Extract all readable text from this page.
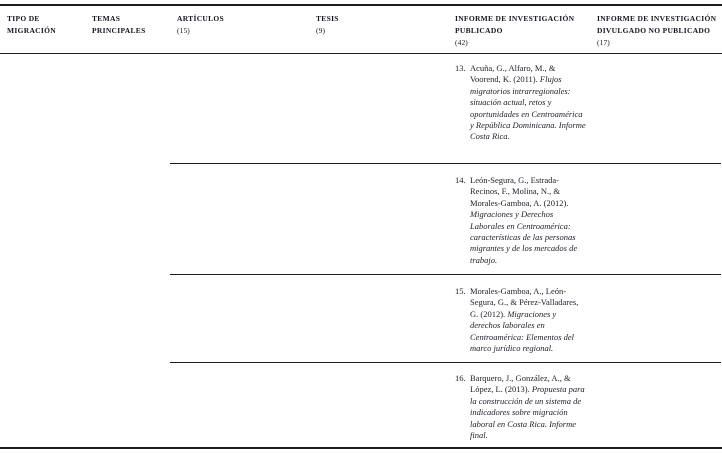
TIPO DE
MIGRACIÓN
TEMAS
PRINCIPALES
ARTÍCULOS
(15)
TESIS
(9)
INFORME DE INVESTIGACIÓN
PUBLICADO
(42)
INFORME DE INVESTIGACIÓN
DIVULGADO NO PUBLICADO
(17)
13. Acuña, G., Alfaro, M., & Voorend, K. (2011). Flujos migratorios intrarregionales: situación actual, retos y oportunidades en Centroamérica y República Dominicana. Informe Costa Rica.
14. León-Segura, G., Estrada-Recinos, F., Molina, N., & Morales-Gamboa, A. (2012). Migraciones y Derechos Laborales en Centroamérica: características de las personas migrantes y de los mercados de trabajo.
15. Morales-Gamboa, A., León-Segura, G., & Pérez-Valladares, G. (2012). Migraciones y derechos laborales en Centroamérica: Elementos del marco jurídico regional.
16. Barquero, J., González, A., & López, L. (2013). Propuesta para la construcción de un sistema de indicadores sobre migración laboral en Costa Rica. Informe final.
